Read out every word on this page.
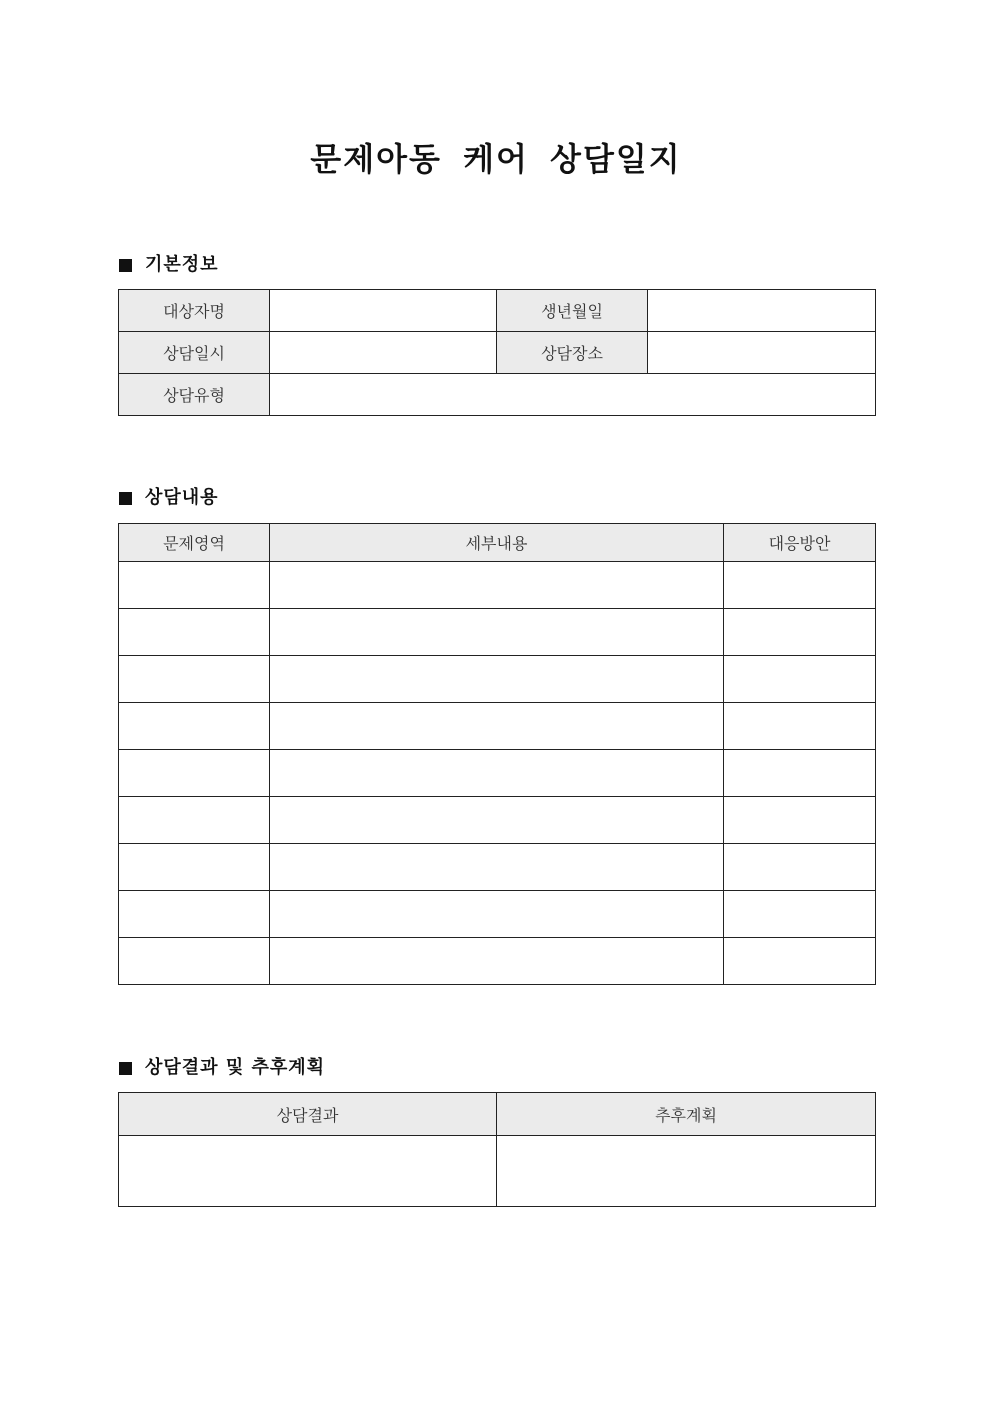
문제아동 케어 상담일지
기본정보
대상자명		생년월일	
상담일시		상담장소	
상담유형			
상담내용
문제영역	세부내용	대응방안

상담결과 및 추후계획
상담결과	추후계획
